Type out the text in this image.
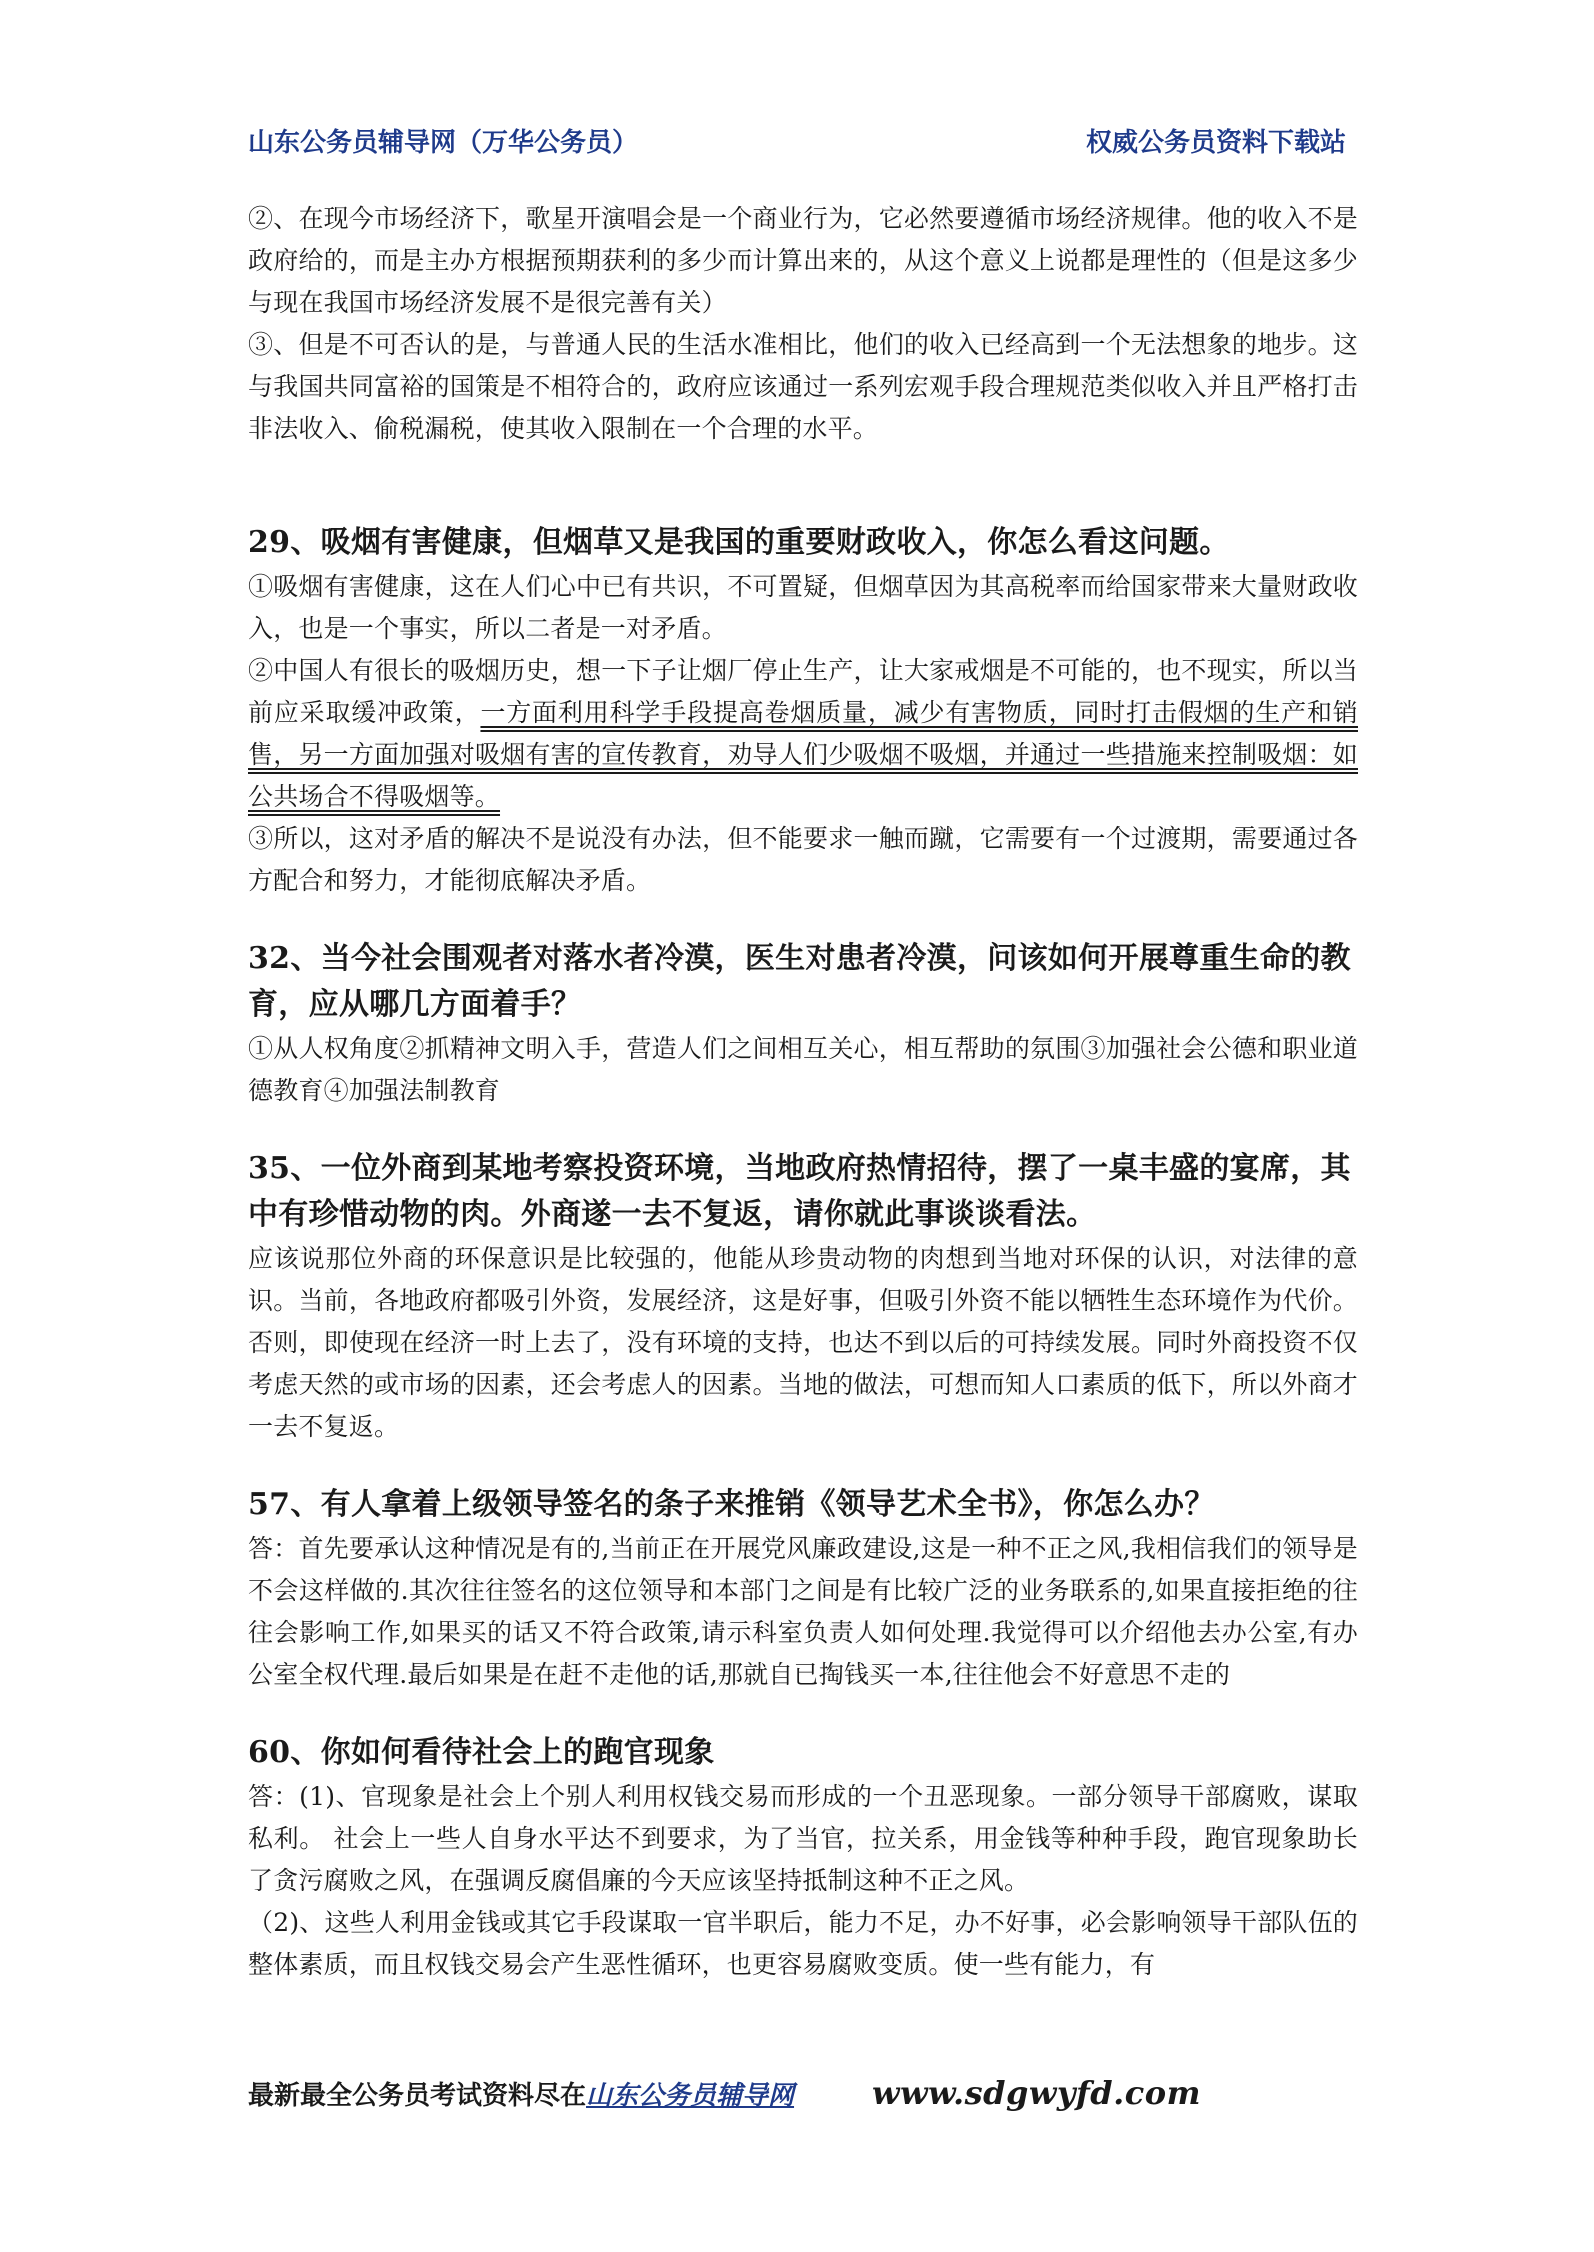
山东公务员辅导网（万华公务员）	权威公务员资料下载站

②、在现今市场经济下，歌星开演唱会是一个商业行为，它必然要遵循市场经济规律。他的收入不是政府给的，而是主办方根据预期获利的多少而计算出来的，从这个意义上说都是理性的（但是这多少与现在我国市场经济发展不是很完善有关）

③、但是不可否认的是，与普通人民的生活水准相比，他们的收入已经高到一个无法想象的地步。这与我国共同富裕的国策是不相符合的，政府应该通过一系列宏观手段合理规范类似收入并且严格打击非法收入、偷税漏税，使其收入限制在一个合理的水平。

29、吸烟有害健康，但烟草又是我国的重要财政收入，你怎么看这问题。

①吸烟有害健康，这在人们心中已有共识，不可置疑，但烟草因为其高税率而给国家带来大量财政收入，也是一个事实，所以二者是一对矛盾。

②中国人有很长的吸烟历史，想一下子让烟厂停止生产，让大家戒烟是不可能的，也不现实，所以当前应采取缓冲政策，一方面利用科学手段提高卷烟质量，减少有害物质，同时打击假烟的生产和销售，另一方面加强对吸烟有害的宣传教育，劝导人们少吸烟不吸烟，并通过一些措施来控制吸烟：如公共场合不得吸烟等。

③所以，这对矛盾的解决不是说没有办法，但不能要求一触而蹴，它需要有一个过渡期，需要通过各方配合和努力，才能彻底解决矛盾。

32、当今社会围观者对落水者冷漠，医生对患者冷漠，问该如何开展尊重生命的教育，应从哪几方面着手？

①从人权角度②抓精神文明入手，营造人们之间相互关心，相互帮助的氛围③加强社会公德和职业道德教育④加强法制教育

35、一位外商到某地考察投资环境，当地政府热情招待，摆了一桌丰盛的宴席，其中有珍惜动物的肉。外商遂一去不复返，请你就此事谈谈看法。

应该说那位外商的环保意识是比较强的，他能从珍贵动物的肉想到当地对环保的认识，对法律的意识。当前，各地政府都吸引外资，发展经济，这是好事，但吸引外资不能以牺牲生态环境作为代价。否则，即使现在经济一时上去了，没有环境的支持，也达不到以后的可持续发展。同时外商投资不仅考虑天然的或市场的因素，还会考虑人的因素。当地的做法，可想而知人口素质的低下，所以外商才一去不复返。

57、有人拿着上级领导签名的条子来推销《领导艺术全书》，你怎么办？

答：首先要承认这种情况是有的,当前正在开展党风廉政建设,这是一种不正之风,我相信我们的领导是不会这样做的.其次往往签名的这位领导和本部门之间是有比较广泛的业务联系的,如果直接拒绝的往往会影响工作,如果买的话又不符合政策,请示科室负责人如何处理.我觉得可以介绍他去办公室,有办公室全权代理.最后如果是在赶不走他的话,那就自已掏钱买一本,往往他会不好意思不走的

60、你如何看待社会上的跑官现象

答：(1)、官现象是社会上个别人利用权钱交易而形成的一个丑恶现象。一部分领导干部腐败，谋取私利。 社会上一些人自身水平达不到要求，为了当官，拉关系，用金钱等种种手段，跑官现象助长了贪污腐败之风，在强调反腐倡廉的今天应该坚持抵制这种不正之风。

（2)、这些人利用金钱或其它手段谋取一官半职后，能力不足，办不好事，必会影响领导干部队伍的整体素质，而且权钱交易会产生恶性循环，也更容易腐败变质。使一些有能力，有

最新最全公务员考试资料尽在 山东公务员辅导网	www.sdgwyfd.com
